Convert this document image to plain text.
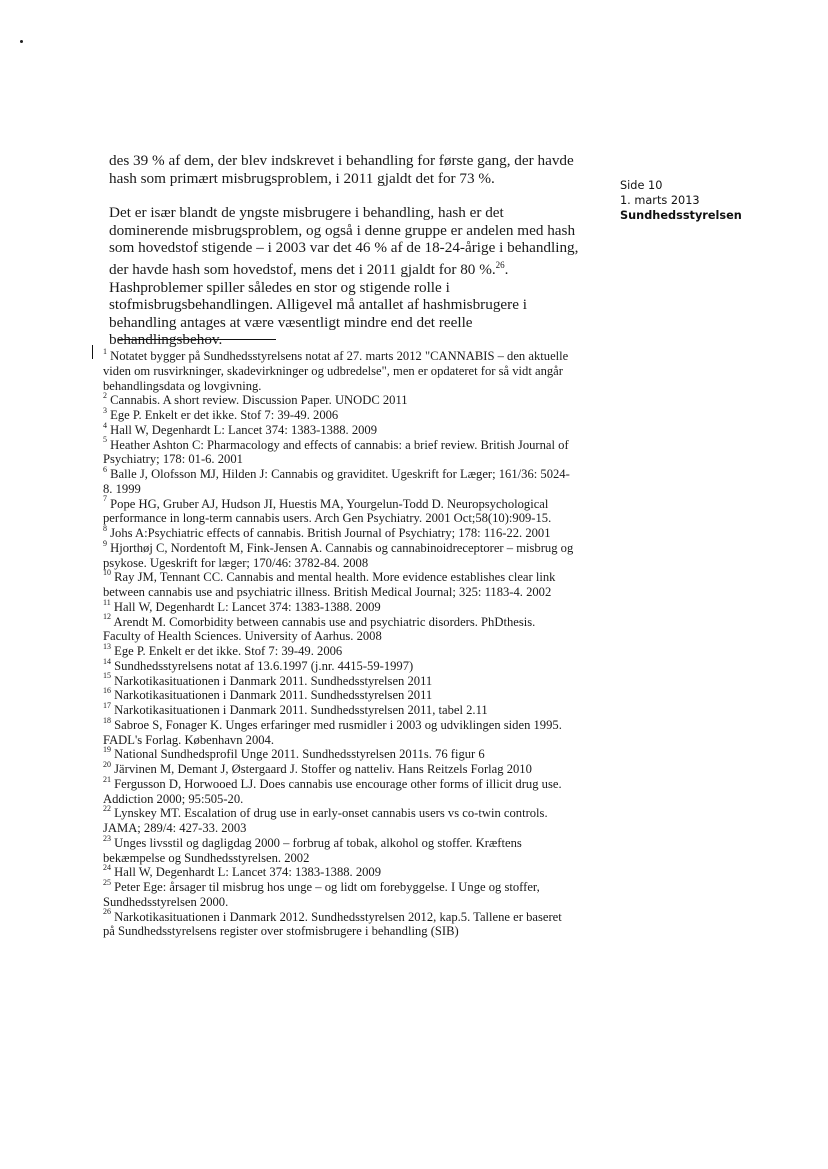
des 39 % af dem, der blev indskrevet i behandling for første gang, der havde hash som primært misbrugsproblem, i 2011 gjaldt det for 73 %.

Det er især blandt de yngste misbrugere i behandling, hash er det dominerende misbrugsproblem, og også i denne gruppe er andelen med hash som hovedstof stigende – i 2003 var det 46 % af de 18-24-årige i behandling, der havde hash som hovedstof, mens det i 2011 gjaldt for 80 %.$^{26}$. Hashproblemer spiller således en stor og stigende rolle i stofmisbrugsbehandlingen. Alligevel må antallet af hashmisbrugere i behandling antages at være væsentligt mindre end det reelle behandlingsbehov.

Side 10
1. marts 2013
Sundhedsstyrelsen

$^1$ Notatet bygger på Sundhedsstyrelsens notat af 27. marts 2012 "CANNABIS – den aktuelle viden om rusvirkninger, skadevirkninger og udbredelse", men er opdateret for så vidt angår behandlingsdata og lovgivning.

$^2$ Cannabis. A short review. Discussion Paper. UNODC 2011

$^3$ Ege P. Enkelt er det ikke. Stof 7: 39-49. 2006

$^4$ Hall W, Degenhardt L: Lancet 374: 1383-1388. 2009

$^5$ Heather Ashton C: Pharmacology and effects of cannabis: a brief review. British Journal of Psychiatry; 178: 01-6. 2001

$^6$ Balle J, Olofsson MJ, Hilden J: Cannabis og graviditet. Ugeskrift for Læger; 161/36: 5024-8. 1999

$^7$ Pope HG, Gruber AJ, Hudson JI, Huestis MA, Yourgelun-Todd D. Neuropsychological performance in long-term cannabis users. Arch Gen Psychiatry. 2001 Oct;58(10):909-15.

$^8$ Johs A:Psychiatric effects of cannabis. British Journal of Psychiatry; 178: 116-22. 2001

$^9$ Hjorthøj C, Nordentoft M, Fink-Jensen A. Cannabis og cannabinoidreceptorer – misbrug og psykose. Ugeskrift for læger; 170/46: 3782-84. 2008

$^{10}$ Ray JM, Tennant CC. Cannabis and mental health. More evidence establishes clear link between cannabis use and psychiatric illness. British Medical Journal; 325: 1183-4. 2002

$^{11}$ Hall W, Degenhardt L: Lancet 374: 1383-1388. 2009

$^{12}$ Arendt M. Comorbidity between cannabis use and psychiatric disorders. PhDthesis. Faculty of Health Sciences. University of Aarhus. 2008

$^{13}$ Ege P. Enkelt er det ikke. Stof 7: 39-49. 2006

$^{14}$ Sundhedsstyrelsens notat af 13.6.1997 (j.nr. 4415-59-1997)

$^{15}$ Narkotikasituationen i Danmark 2011. Sundhedsstyrelsen 2011

$^{16}$ Narkotikasituationen i Danmark 2011. Sundhedsstyrelsen 2011

$^{17}$ Narkotikasituationen i Danmark 2011. Sundhedsstyrelsen 2011, tabel 2.11

$^{18}$ Sabroe S, Fonager K. Unges erfaringer med rusmidler i 2003 og udviklingen siden 1995. FADL's Forlag. København 2004.

$^{19}$ National Sundhedsprofil Unge 2011. Sundhedsstyrelsen 2011s. 76 figur 6

$^{20}$ Järvinen M, Demant J, Østergaard J. Stoffer og natteliv. Hans Reitzels Forlag 2010

$^{21}$ Fergusson D, Horwooed LJ. Does cannabis use encourage other forms of illicit drug use. Addiction 2000; 95:505-20.

$^{22}$ Lynskey MT. Escalation of drug use in early-onset cannabis users vs co-twin controls. JAMA; 289/4: 427-33. 2003

$^{23}$ Unges livsstil og dagligdag 2000 – forbrug af tobak, alkohol og stoffer. Kræftens bekæmpelse og Sundhedsstyrelsen. 2002

$^{24}$ Hall W, Degenhardt L: Lancet 374: 1383-1388. 2009

$^{25}$ Peter Ege: årsager til misbrug hos unge – og lidt om forebyggelse. I Unge og stoffer, Sundhedsstyrelsen 2000.

$^{26}$ Narkotikasituationen i Danmark 2012. Sundhedsstyrelsen 2012, kap.5. Tallene er baseret på Sundhedsstyrelsens register over stofmisbrugere i behandling (SIB)
